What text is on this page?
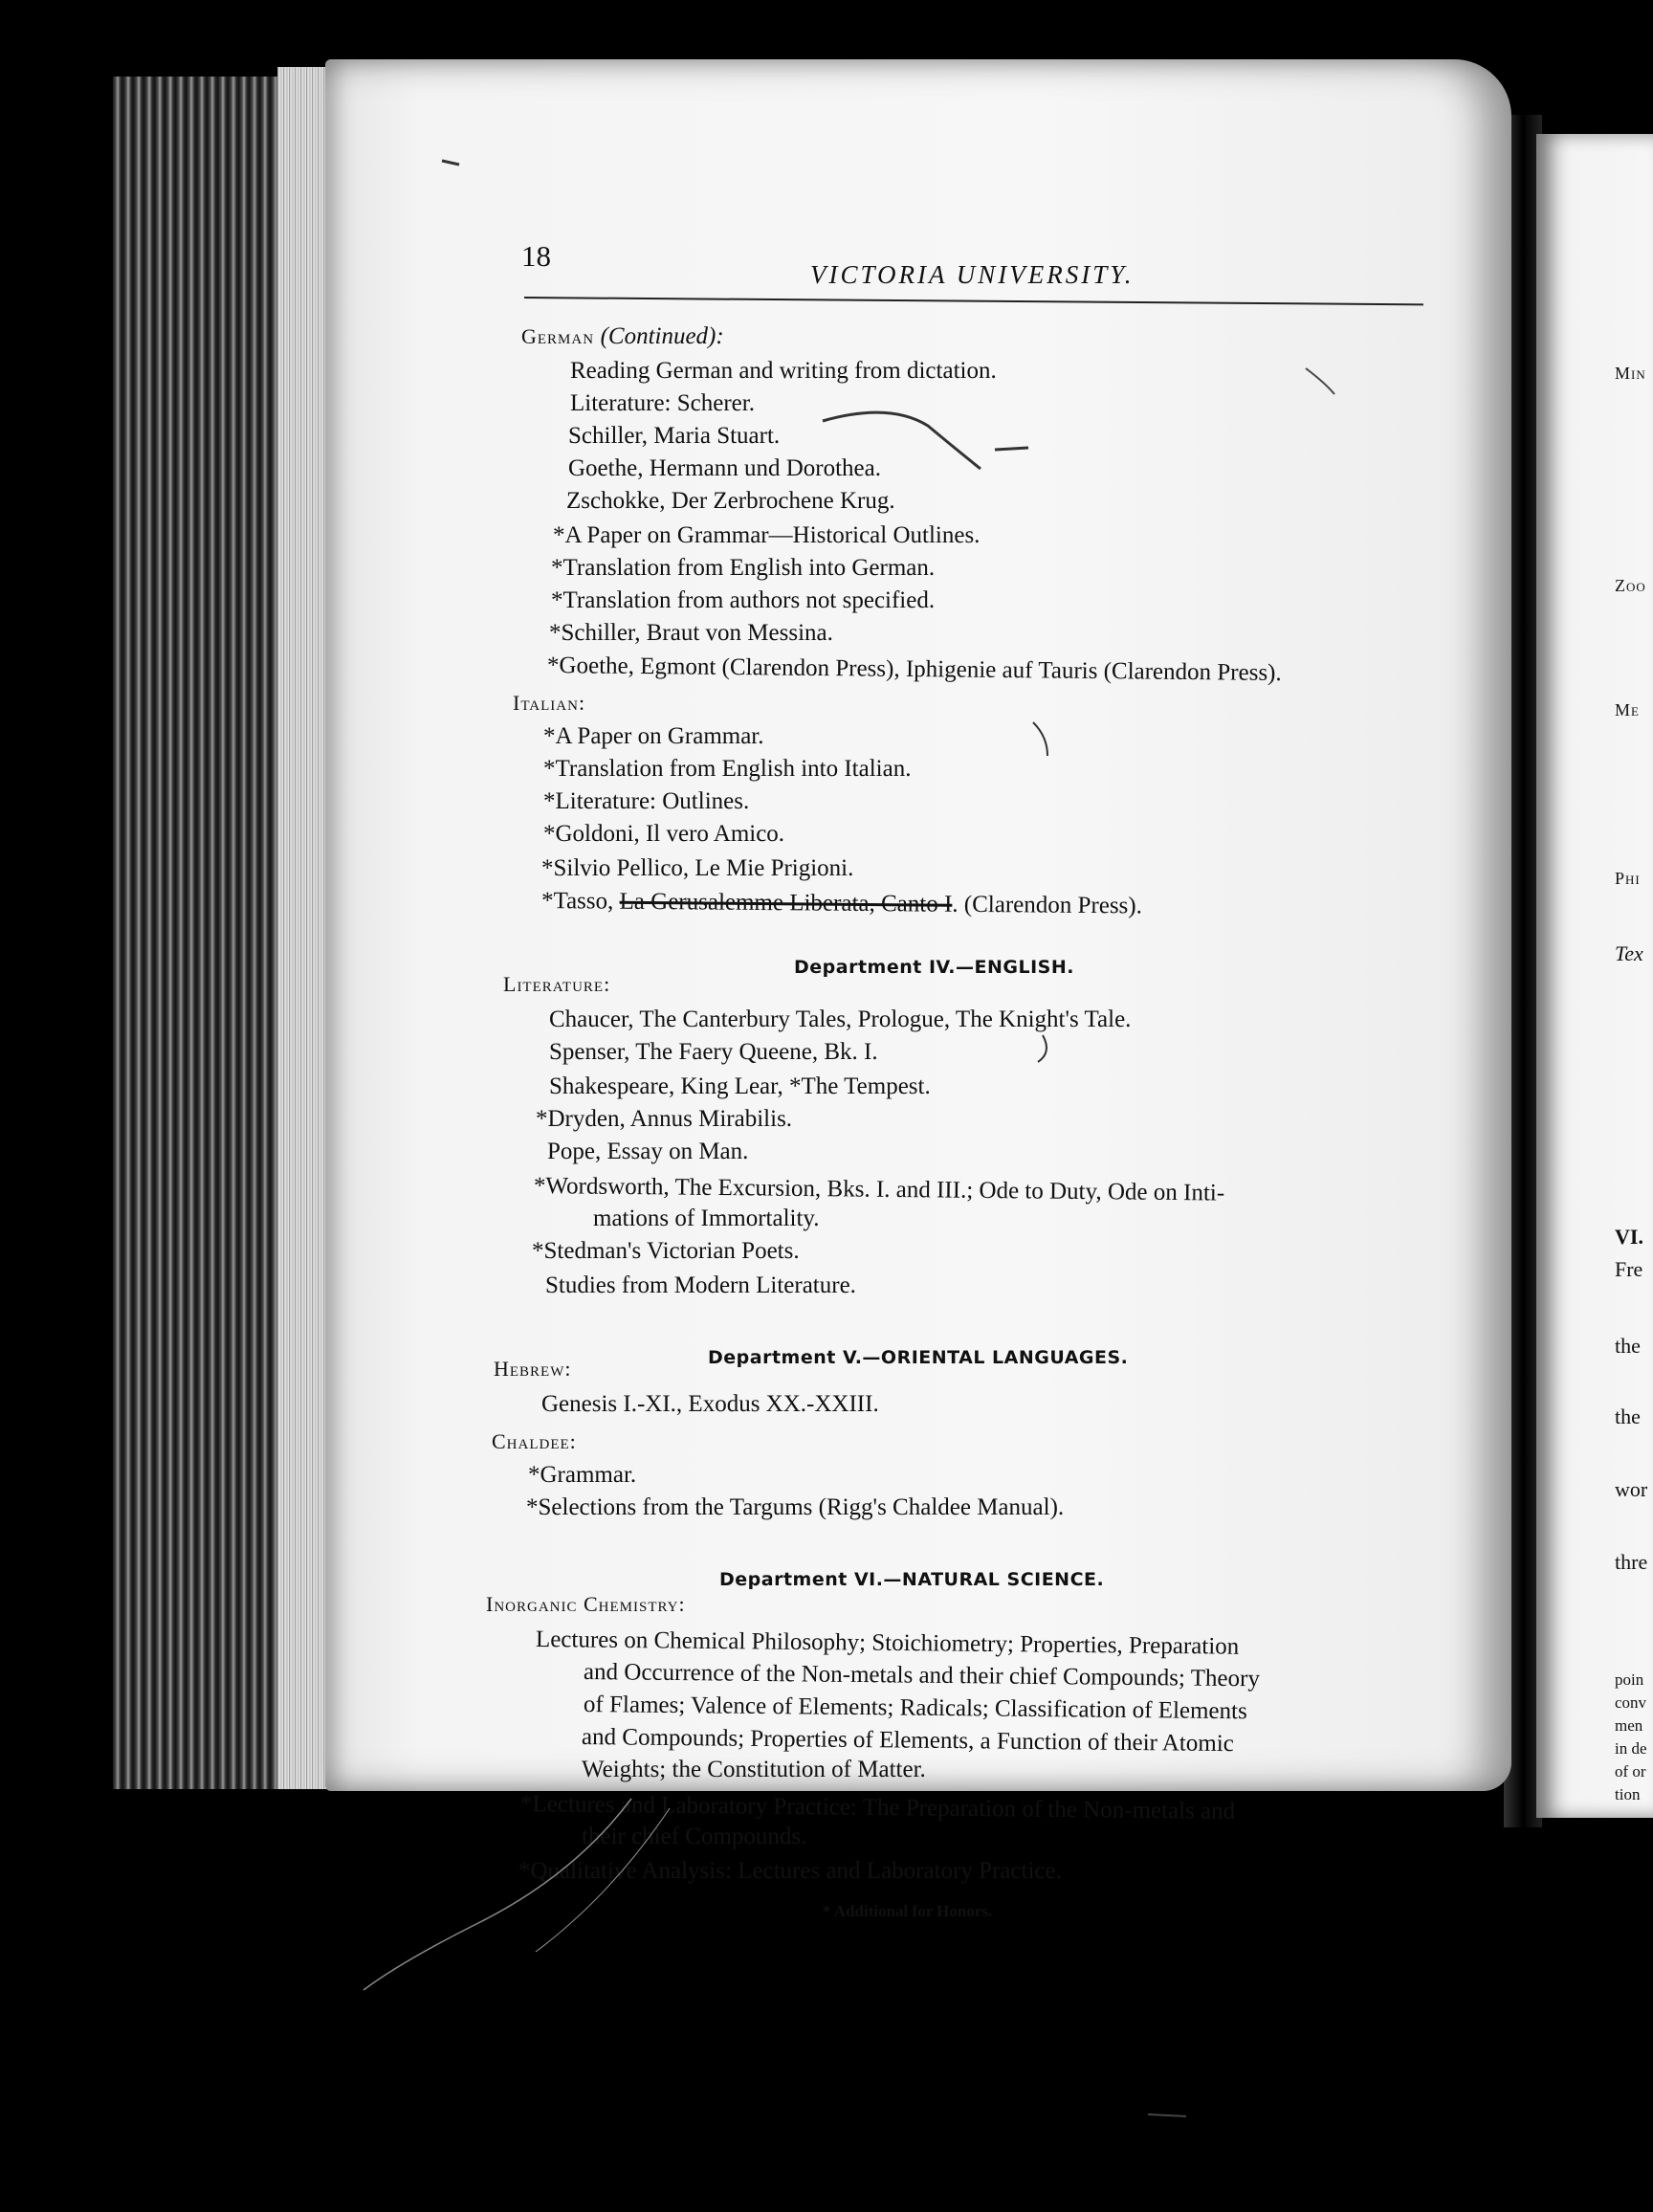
18
VICTORIA UNIVERSITY.
German (Continued):
Reading German and writing from dictation.
Literature: Scherer.
Schiller, Maria Stuart.
Goethe, Hermann und Dorothea.
Zschokke, Der Zerbrochene Krug.
*A Paper on Grammar—Historical Outlines.
*Translation from English into German.
*Translation from authors not specified.
*Schiller, Braut von Messina.
*Goethe, Egmont (Clarendon Press), Iphigenie auf Tauris (Clarendon Press).
Italian:
*A Paper on Grammar.
*Translation from English into Italian.
*Literature: Outlines.
*Goldoni, Il vero Amico.
*Silvio Pellico, Le Mie Prigioni.
*Tasso, La Gerusalemme Liberata, Canto I. (Clarendon Press).
Department IV.—ENGLISH.
Literature:
Chaucer, The Canterbury Tales, Prologue, The Knight's Tale.
Spenser, The Faery Queene, Bk. I.
Shakespeare, King Lear, *The Tempest.
*Dryden, Annus Mirabilis.
Pope, Essay on Man.
*Wordsworth, The Excursion, Bks. I. and III.; Ode to Duty, Ode on Inti-
mations of Immortality.
*Stedman's Victorian Poets.
Studies from Modern Literature.
Department V.—ORIENTAL LANGUAGES.
Hebrew:
Genesis I.-XI., Exodus XX.-XXIII.
Chaldee:
*Grammar.
*Selections from the Targums (Rigg's Chaldee Manual).
Department VI.—NATURAL SCIENCE.
Inorganic Chemistry:
Lectures on Chemical Philosophy; Stoichiometry; Properties, Preparation
and Occurrence of the Non-metals and their chief Compounds; Theory
of Flames; Valence of Elements; Radicals; Classification of Elements
and Compounds; Properties of Elements, a Function of their Atomic
Weights; the Constitution of Matter.
*Lectures and Laboratory Practice: The Preparation of the Non-metals and
their chief Compounds.
*Qualitative Analysis: Lectures and Laboratory Practice.
* Additional for Honors.
Min
Zoo
Me
Phi
Tex
VI.
Fre
the
the
wor
thre
poin
conv
men
in de
of or
tion
